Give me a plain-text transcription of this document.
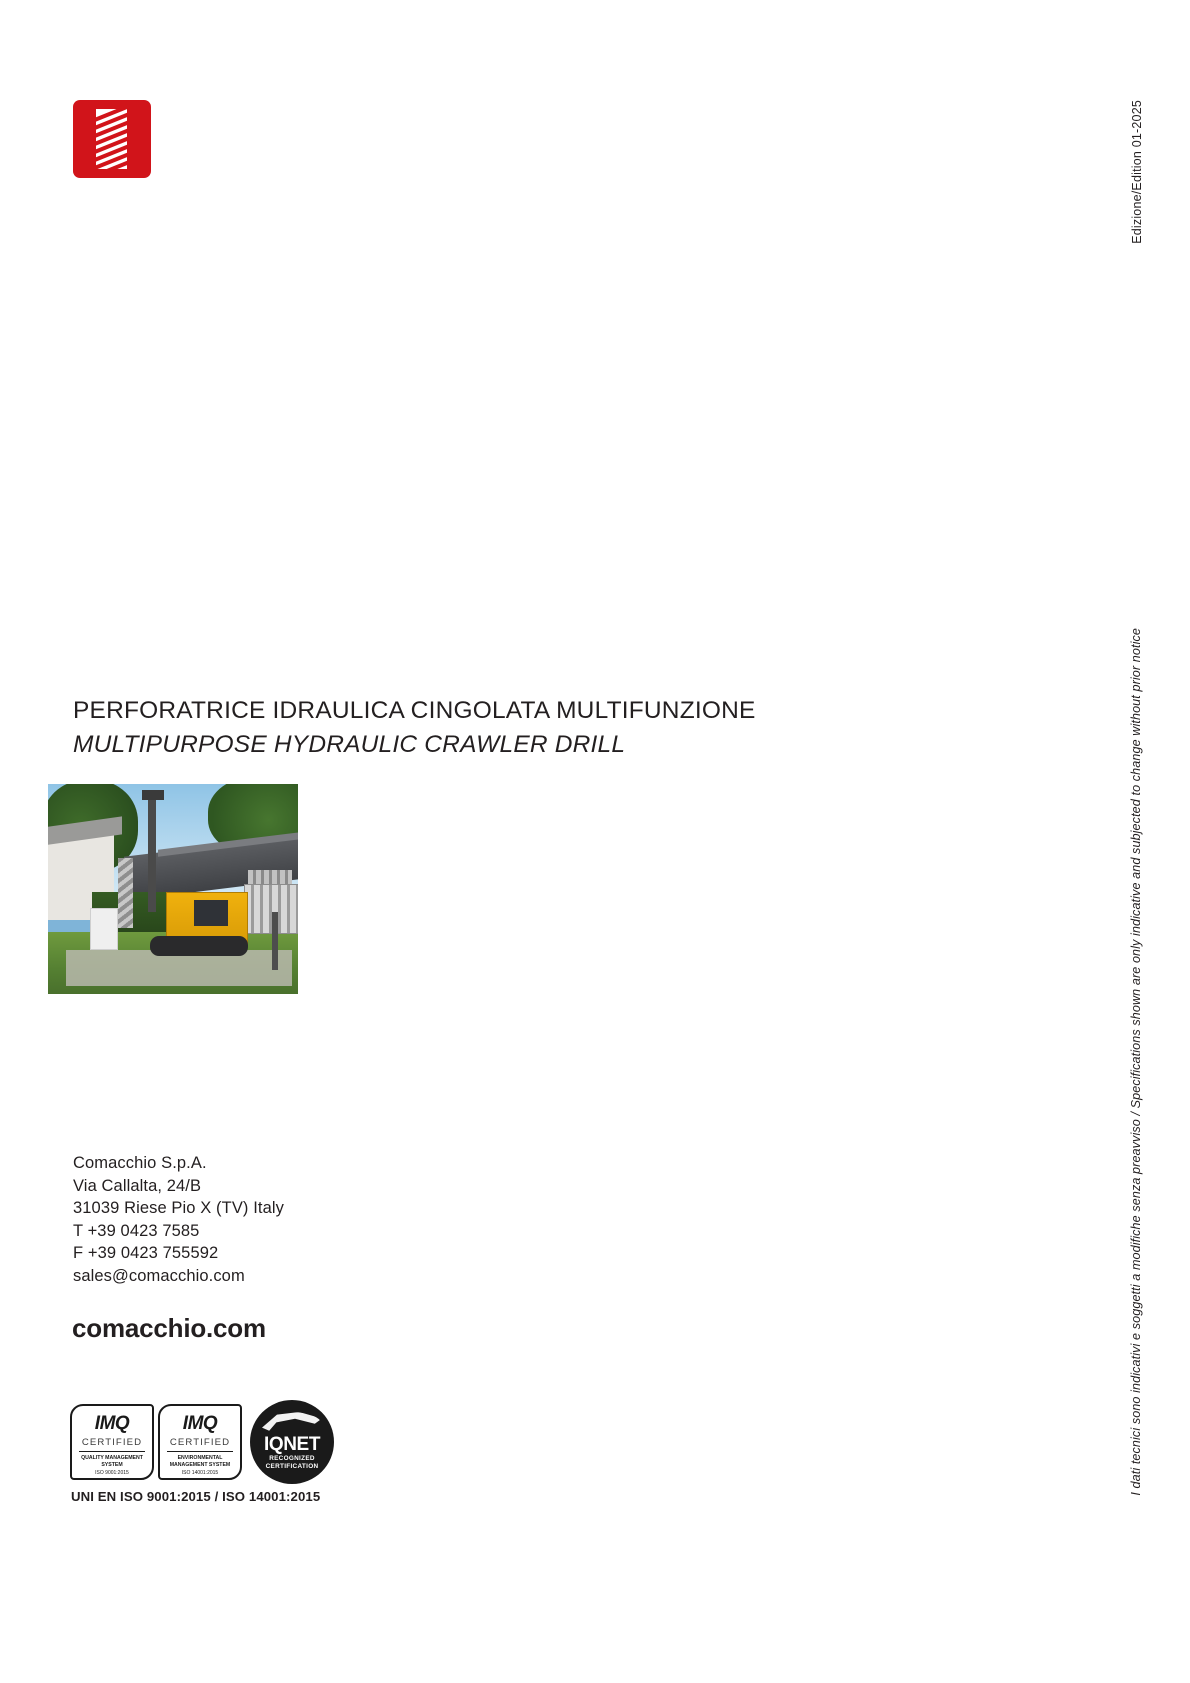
Edizione/Edition 01-2025
I dati tecnici sono indicativi e soggetti a modifiche senza preavviso / Specifications shown are only indicative and subjected to change without prior notice
PERFORATRICE IDRAULICA CINGOLATA MULTIFUNZIONE
MULTIPURPOSE HYDRAULIC CRAWLER DRILL
Comacchio S.p.A.
Via Callalta, 24/B
31039 Riese Pio X (TV) Italy
T +39 0423 7585
F +39 0423 755592
sales@comacchio.com
comacchio.com
IMQ
CERTIFIED
QUALITY MANAGEMENT SYSTEM
ISO 9001:2015
IMQ
CERTIFIED
ENVIRONMENTAL MANAGEMENT SYSTEM
ISO 14001:2015
IQNET
RECOGNIZED
CERTIFICATION
UNI EN ISO 9001:2015 / ISO 14001:2015
